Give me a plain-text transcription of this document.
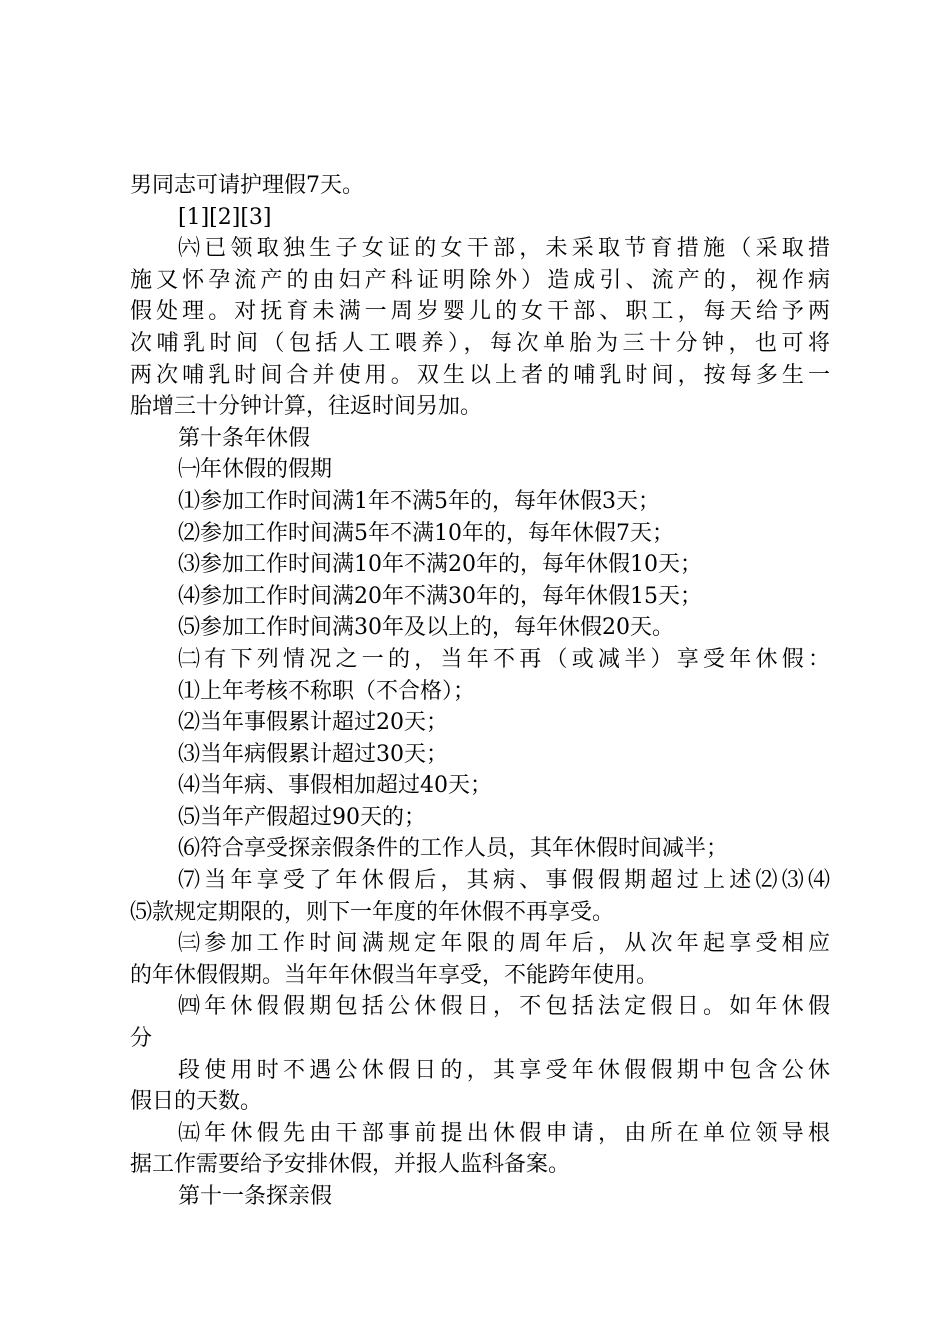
男同志可请护理假7天。
[1][2][3]
㈥已领取独生子女证的女干部，未采取节育措施（采取措
施又怀孕流产的由妇产科证明除外）造成引、流产的，视作病
假处理。对抚育未满一周岁婴儿的女干部、职工，每天给予两
次哺乳时间（包括人工喂养），每次单胎为三十分钟，也可将
两次哺乳时间合并使用。双生以上者的哺乳时间，按每多生一
胎增三十分钟计算，往返时间另加。
第十条年休假
㈠年休假的假期
⑴参加工作时间满1年不满5年的，每年休假3天；
⑵参加工作时间满5年不满10年的，每年休假7天；
⑶参加工作时间满10年不满20年的，每年休假10天；
⑷参加工作时间满20年不满30年的，每年休假15天；
⑸参加工作时间满30年及以上的，每年休假20天。
㈡有下列情况之一的，当年不再（或减半）享受年休假：
⑴上年考核不称职（不合格）；
⑵当年事假累计超过20天；
⑶当年病假累计超过30天；
⑷当年病、事假相加超过40天；
⑸当年产假超过90天的；
⑹符合享受探亲假条件的工作人员，其年休假时间减半；
⑺当年享受了年休假后，其病、事假假期超过上述⑵⑶⑷
⑸款规定期限的，则下一年度的年休假不再享受。
㈢参加工作时间满规定年限的周年后，从次年起享受相应
的年休假假期。当年年休假当年享受，不能跨年使用。
㈣年休假假期包括公休假日，不包括法定假日。如年休假
分
段使用时不遇公休假日的，其享受年休假假期中包含公休
假日的天数。
㈤年休假先由干部事前提出休假申请，由所在单位领导根
据工作需要给予安排休假，并报人监科备案。
第十一条探亲假
